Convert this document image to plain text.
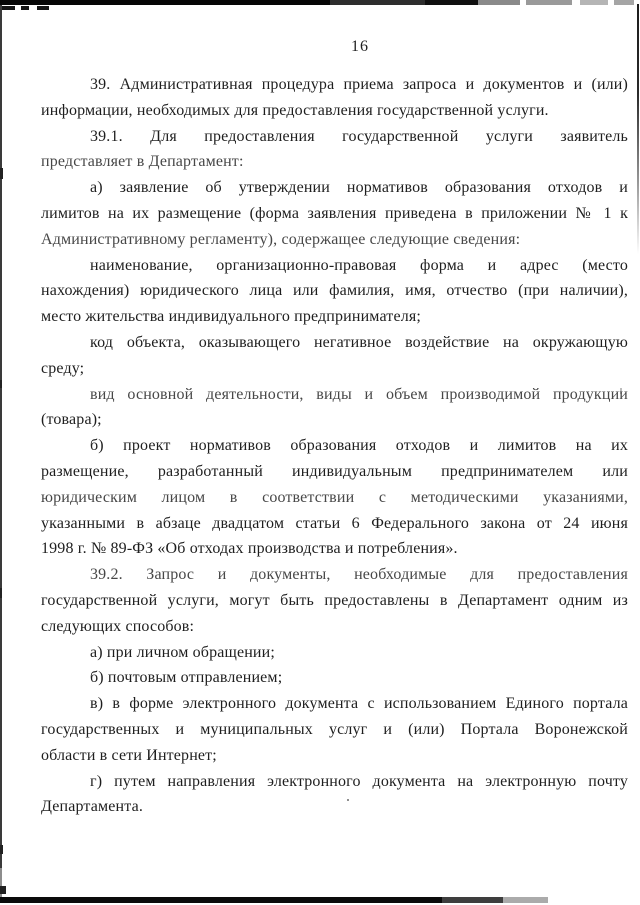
16
39. Административная процедура приема запроса и документов и (или)
информации, необходимых для предоставления государственной услуги.
39.1. Для предоставления государственной услуги заявитель
представляет в Департамент:
а) заявление об утверждении нормативов образования отходов и
лимитов на их размещение (форма заявления приведена в приложении № 1 к
Административному регламенту), содержащее следующие сведения:
наименование, организационно-правовая форма и адрес (место
нахождения) юридического лица или фамилия, имя, отчество (при наличии),
место жительства индивидуального предпринимателя;
код объекта, оказывающего негативное воздействие на окружающую
среду;
вид основной деятельности, виды и объем производимой продукции
(товара);
б) проект нормативов образования отходов и лимитов на их
размещение, разработанный индивидуальным предпринимателем или
юридическим лицом в соответствии с методическими указаниями,
указанными в абзаце двадцатом статьи 6 Федерального закона от 24 июня
1998 г. № 89-ФЗ «Об отходах производства и потребления».
39.2. Запрос и документы, необходимые для предоставления
государственной услуги, могут быть предоставлены в Департамент одним из
следующих способов:
а) при личном обращении;
б) почтовым отправлением;
в) в форме электронного документа с использованием Единого портала
государственных и муниципальных услуг и (или) Портала Воронежской
области в сети Интернет;
г) путем направления электронного документа на электронную почту
Департамента.
